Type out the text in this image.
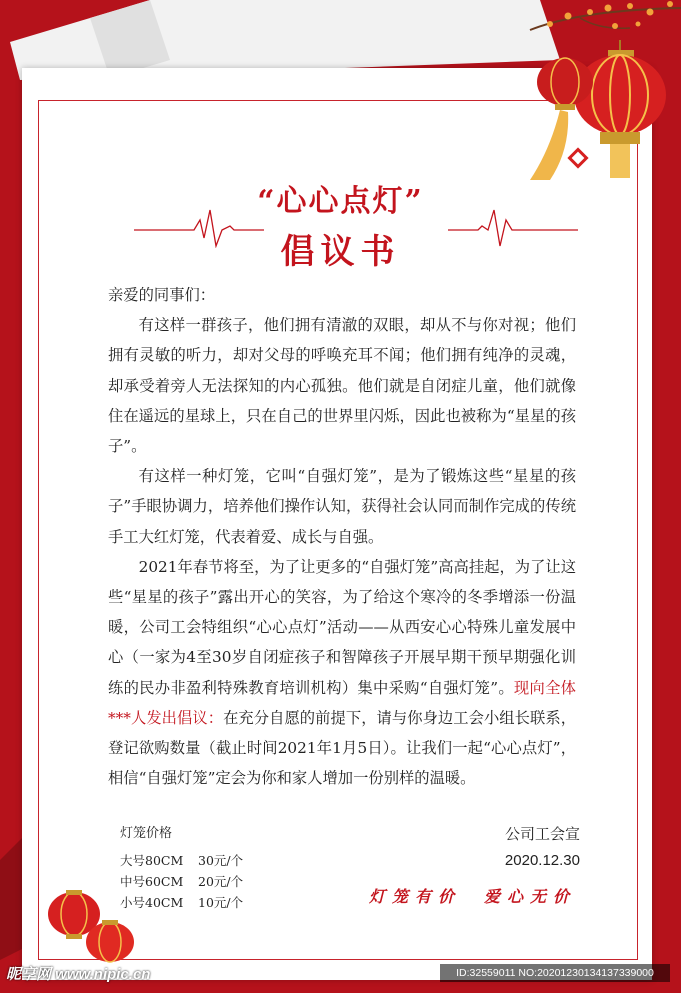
“心心点灯”
倡议书

亲爱的同事们：

有这样一群孩子，他们拥有清澈的双眼，却从不与你对视；他们拥有灵敏的听力，却对父母的呼唤充耳不闻；他们拥有纯净的灵魂，却承受着旁人无法探知的内心孤独。他们就是自闭症儿童，他们就像住在遥远的星球上，只在自己的世界里闪烁，因此也被称为“星星的孩子”。

有这样一种灯笼，它叫“自强灯笼”，是为了锻炼这些“星星的孩子”手眼协调力，培养他们操作认知，获得社会认同而制作完成的传统手工大红灯笼，代表着爱、成长与自强。

2021年春节将至，为了让更多的“自强灯笼”高高挂起，为了让这些“星星的孩子”露出开心的笑容，为了给这个寒冷的冬季增添一份温暖，公司工会特组织“心心点灯”活动——从西安心心特殊儿童发展中心（一家为4至30岁自闭症孩子和智障孩子开展早期干预早期强化训练的民办非盈利特殊教育培训机构）集中采购“自强灯笼”。现向全体***人发出倡议：在充分自愿的前提下，请与你身边工会小组长联系，登记欲购数量（截止时间2021年1月5日）。让我们一起“心心点灯”，相信“自强灯笼”定会为你和家人增加一份别样的温暖。

灯笼价格
大号80CM 30元/个
中号60CM 20元/个
小号40CM 10元/个
公司工会宣
2020.12.30
灯笼有价　爱心无价
昵享网 www.nipic.cn	ID:32559011 NO:20201230134137339000
